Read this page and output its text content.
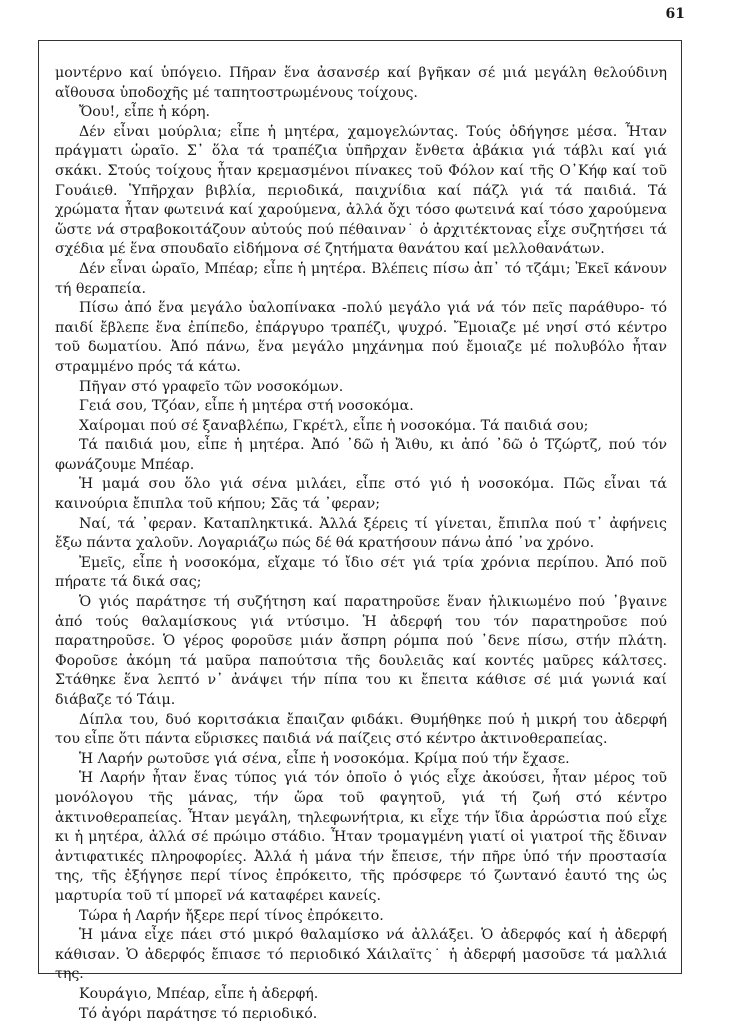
61

μοντέρνο καί ὑπόγειο. Πῆραν ἕνα ἀσανσέρ καί βγῆκαν σέ μιά μεγάλη θελούδινη αἴθουσα ὑποδοχῆς μέ ταπητοστρωμένους τοίχους.

Ὄου!, εἶπε ἡ κόρη.

Δέν εἶναι μούρλια; εἶπε ἡ μητέρα, χαμογελώντας. Τούς ὁδήγησε μέσα. Ἦταν πράγματι ὡραῖο. Σ᾽ ὅλα τά τραπέζια ὑπῆρχαν ἔνθετα ἀβάκια γιά τάβλι καί γιά σκάκι. Στούς τοίχους ἦταν κρεμασμένοι πίνακες τοῦ Φόλον καί τῆς Ο᾽Κήφ καί τοῦ Γουάιεθ. Ὑπῆρχαν βιβλία, περιοδικά, παιχνίδια καί πάζλ γιά τά παιδιά. Τά χρώματα ἦταν φωτεινά καί χαρούμενα, ἀλλά ὄχι τόσο φωτεινά καί τόσο χαρούμενα ὥστε νά στραβοκοιτάζουν αὐτούς πού πέθαιναν˙ ὁ ἀρχιτέκτονας εἶχε συζητήσει τά σχέδια μέ ἕνα σπουδαῖο εἰδήμονα σέ ζητήματα θανάτου καί μελλοθανάτων.

Δέν εἶναι ὡραῖο, Μπέαρ; εἶπε ἡ μητέρα. Βλέπεις πίσω ἀπ᾽ τό τζάμι; Ἐκεῖ κάνουν τή θεραπεία.

Πίσω ἀπό ἕνα μεγάλο ὑαλοπίνακα -πολύ μεγάλο γιά νά τόν πεῖς παράθυρο- τό παιδί ἔβλεπε ἕνα ἐπίπεδο, ἐπάργυρο τραπέζι, ψυχρό. Ἔμοιαζε μέ νησί στό κέντρο τοῦ δωματίου. Ἀπό πάνω, ἕνα μεγάλο μηχάνημα πού ἔμοιαζε μέ πολυβόλο ἦταν στραμμένο πρός τά κάτω.

Πῆγαν στό γραφεῖο τῶν νοσοκόμων.

Γειά σου, Τζόαν, εἶπε ἡ μητέρα στή νοσοκόμα.

Χαίρομαι πού σέ ξαναβλέπω, Γκρέτλ, εἶπε ἡ νοσοκόμα. Τά παιδιά σου;

Τά παιδιά μου, εἶπε ἡ μητέρα. Ἀπό ᾽δῶ ἡ Ἄιθυ, κι ἀπό ᾽δῶ ὁ Τζώρτζ, πού τόν φωνάζουμε Μπέαρ.

Ἡ μαμά σου ὅλο γιά σένα μιλάει, εἶπε στό γιό ἡ νοσοκόμα. Πῶς εἶναι τά καινούρια ἔπιπλα τοῦ κήπου; Σᾶς τά ᾽φεραν;

Ναί, τά ᾽φεραν. Καταπληκτικά. Ἀλλά ξέρεις τί γίνεται, ἔπιπλα πού τ᾽ ἀφήνεις ἔξω πάντα χαλοῦν. Λογαριάζω πώς δέ θά κρατήσουν πάνω ἀπό ᾽να χρόνο.

Ἐμεῖς, εἶπε ἡ νοσοκόμα, εἴχαμε τό ἴδιο σέτ γιά τρία χρόνια περίπου. Ἀπό ποῦ πήρατε τά δικά σας;

Ὁ γιός παράτησε τή συζήτηση καί παρατηροῦσε ἕναν ἡλικιωμένο πού ᾽βγαινε ἀπό τούς θαλαμίσκους γιά ντύσιμο. Ἡ ἀδερφή του τόν παρατηροῦσε πού παρατηροῦσε. Ὁ γέρος φοροῦσε μιάν ἄσπρη ρόμπα πού ᾽δενε πίσω, στήν πλάτη. Φοροῦσε ἀκόμη τά μαῦρα παπούτσια τῆς δουλειᾶς καί κοντές μαῦρες κάλτσες. Στάθηκε ἕνα λεπτό ν᾽ ἀνάψει τήν πίπα του κι ἔπειτα κάθισε σέ μιά γωνιά καί διάβαζε τό Τάιμ.

Δίπλα του, δυό κοριτσάκια ἔπαιζαν φιδάκι. Θυμήθηκε πού ἡ μικρή του ἀδερφή του εἶπε ὅτι πάντα εὕρισκες παιδιά νά παίζεις στό κέντρο ἀκτινοθεραπείας.

Ἡ Λαρήν ρωτοῦσε γιά σένα, εἶπε ἡ νοσοκόμα. Κρίμα πού τήν ἔχασε.

Ἡ Λαρήν ἦταν ἕνας τύπος γιά τόν ὁποῖο ὁ γιός εἶχε ἀκούσει, ἦταν μέρος τοῦ μονόλογου τῆς μάνας, τήν ὥρα τοῦ φαγητοῦ, γιά τή ζωή στό κέντρο ἀκτινοθεραπείας. Ἦταν μεγάλη, τηλεφωνήτρια, κι εἶχε τήν ἴδια ἀρρώστια πού εἶχε κι ἡ μητέρα, ἀλλά σέ πρώιμο στάδιο. Ἦταν τρομαγμένη γιατί οἱ γιατροί τῆς ἔδιναν ἀντιφατικές πληροφορίες. Ἀλλά ἡ μάνα τήν ἔπεισε, τήν πῆρε ὑπό τήν προστασία της, τῆς ἐξήγησε περί τίνος ἐπρόκειτο, τῆς πρόσφερε τό ζωντανό ἑαυτό της ὡς μαρτυρία τοῦ τί μπορεῖ νά καταφέρει κανείς.

Τώρα ἡ Λαρήν ἤξερε περί τίνος ἐπρόκειτο.

Ἡ μάνα εἶχε πάει στό μικρό θαλαμίσκο νά ἀλλάξει. Ὁ ἀδερφός καί ἡ ἀδερφή κάθισαν. Ὁ ἀδερφός ἔπιασε τό περιοδικό Χάιλαϊτς˙ ἡ ἀδερφή μασοῦσε τά μαλλιά της.

Κουράγιο, Μπέαρ, εἶπε ἡ ἀδερφή.

Τό ἀγόρι παράτησε τό περιοδικό.
